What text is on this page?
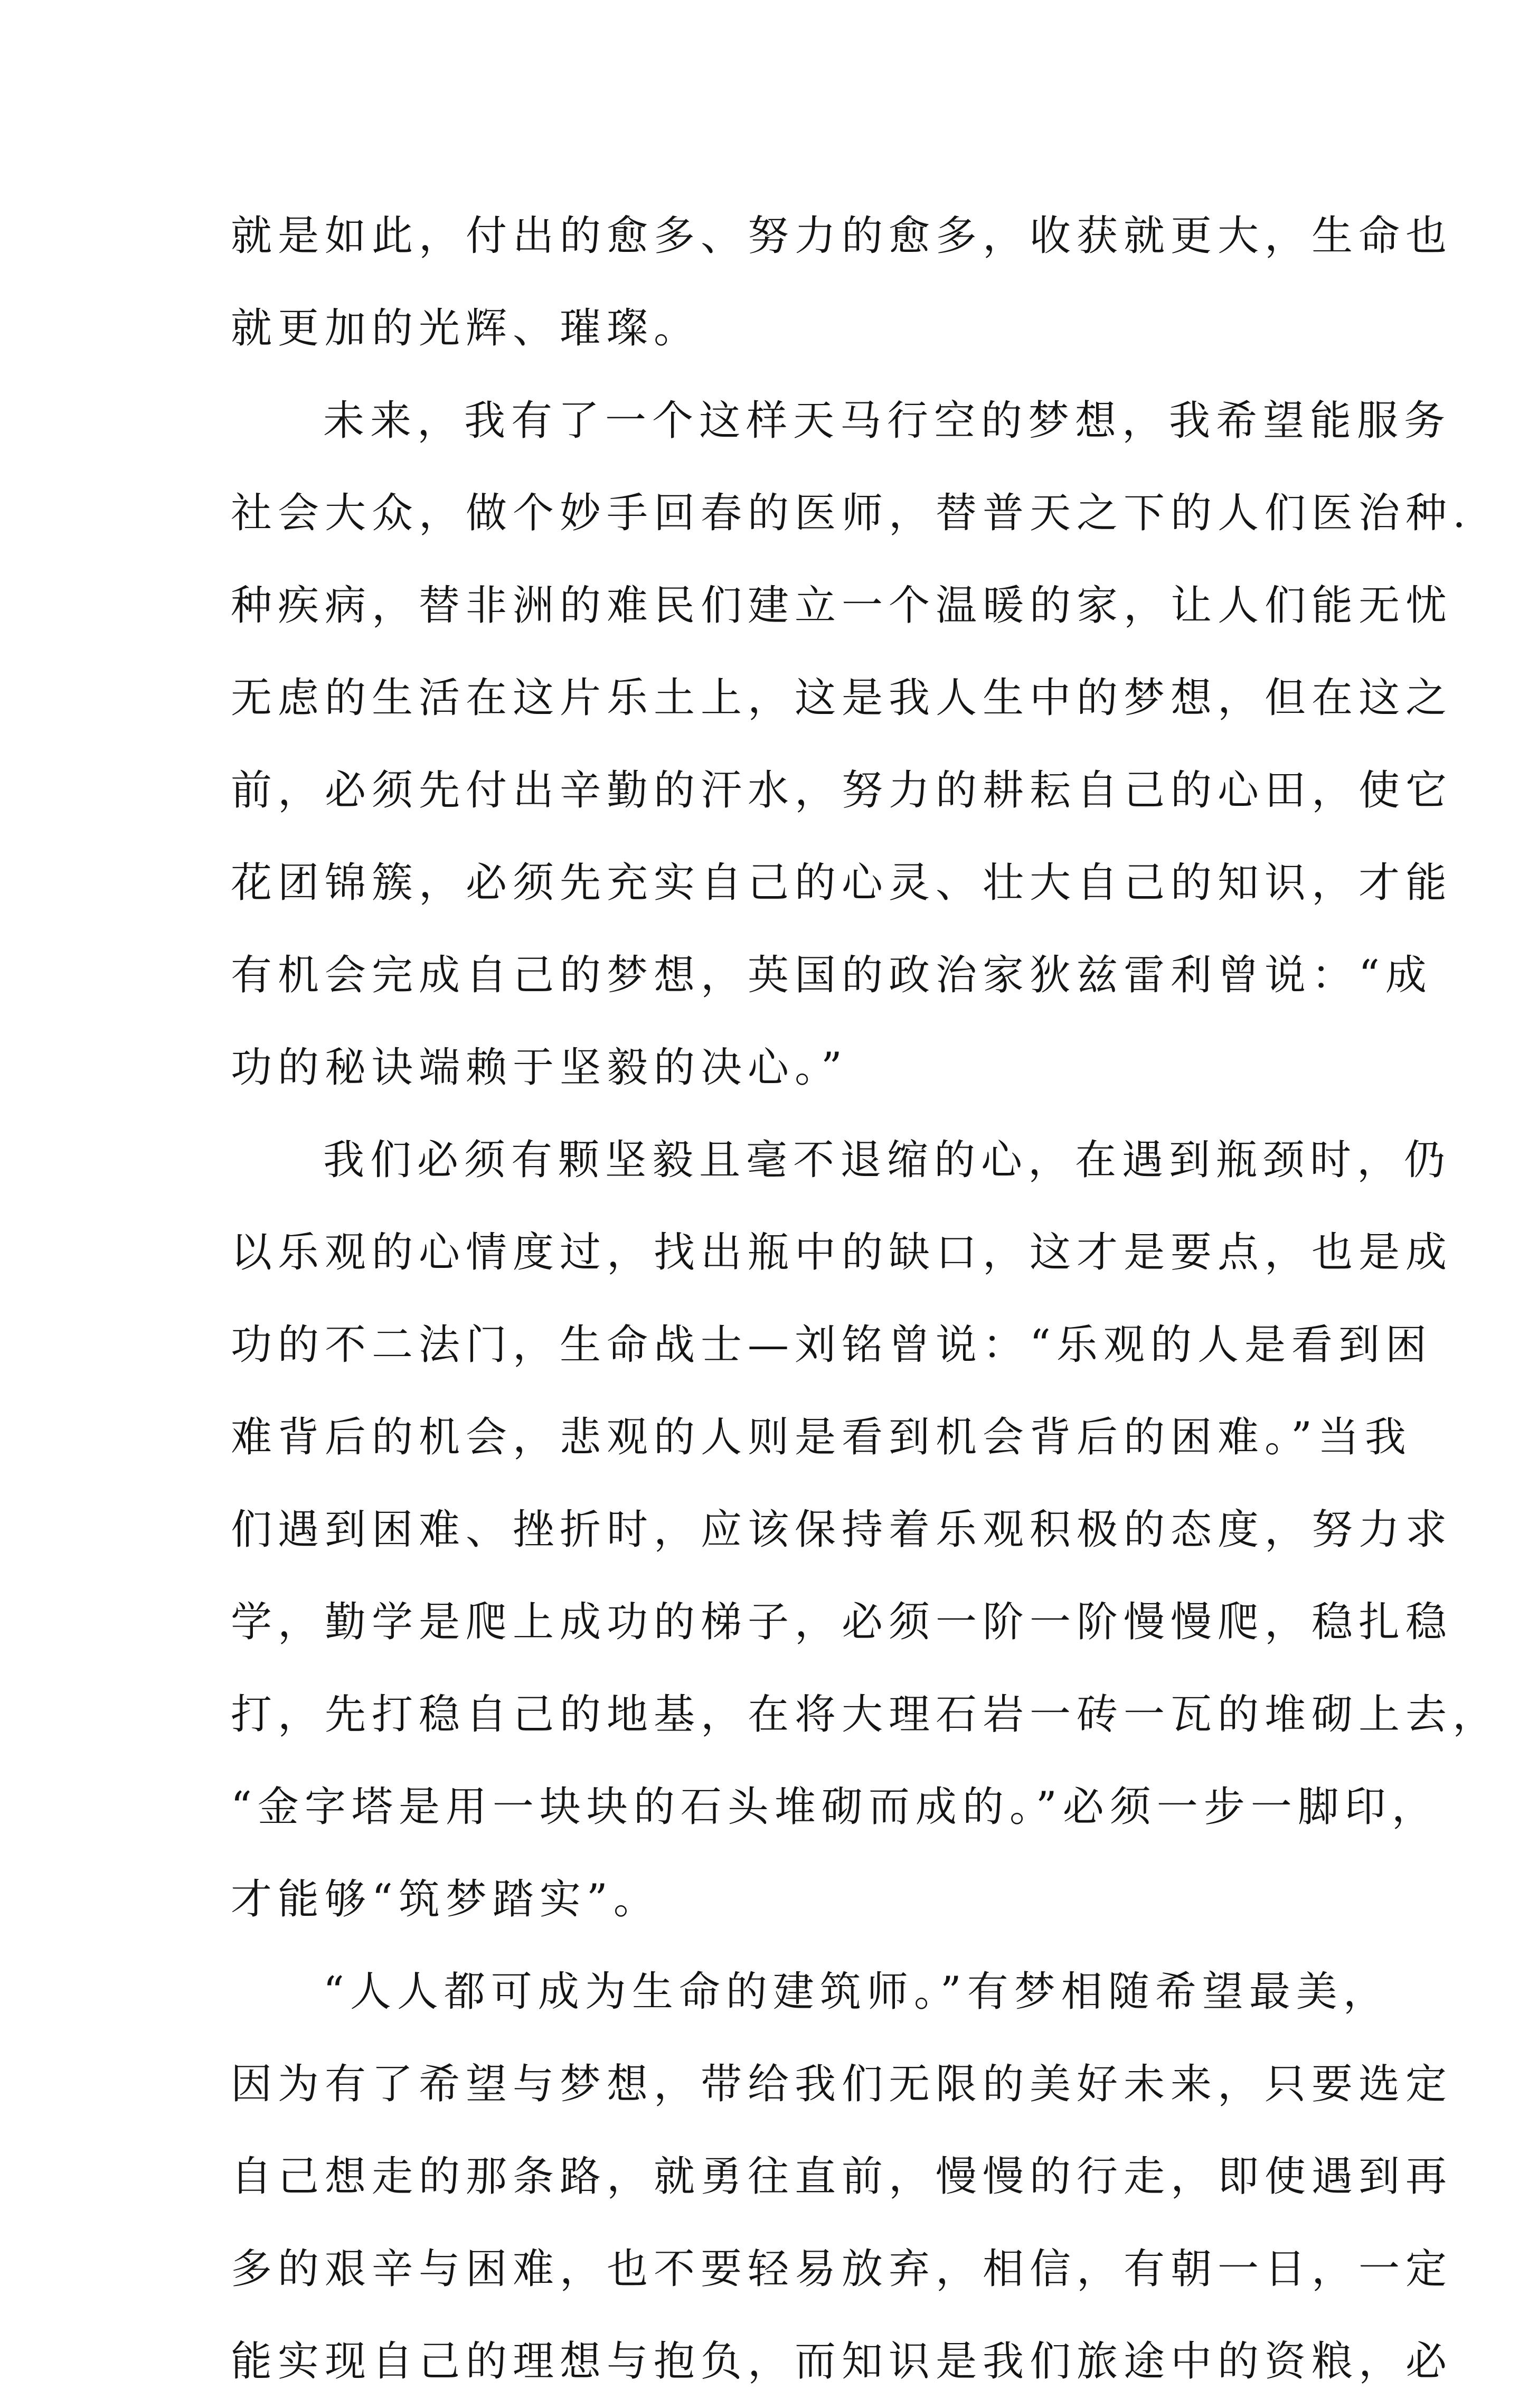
就是如此，付出的愈多、努力的愈多，收获就更大，生命也
就更加的光辉、璀璨。
未来，我有了一个这样天马行空的梦想，我希望能服务
社会大众，做个妙手回春的医师，替普天之下的人们医治种.
种疾病，替非洲的难民们建立一个温暖的家，让人们能无忧
无虑的生活在这片乐土上，这是我人生中的梦想，但在这之
前，必须先付出辛勤的汗水，努力的耕耘自己的心田，使它
花团锦簇，必须先充实自己的心灵、壮大自己的知识，才能
有机会完成自己的梦想，英国的政治家狄兹雷利曾说：“成
功的秘诀端赖于坚毅的决心。”
我们必须有颗坚毅且毫不退缩的心，在遇到瓶颈时，仍
以乐观的心情度过，找出瓶中的缺口，这才是要点，也是成
功的不二法门，生命战士—刘铭曾说：“乐观的人是看到困
难背后的机会，悲观的人则是看到机会背后的困难。”当我
们遇到困难、挫折时，应该保持着乐观积极的态度，努力求
学，勤学是爬上成功的梯子，必须一阶一阶慢慢爬，稳扎稳
打，先打稳自己的地基，在将大理石岩一砖一瓦的堆砌上去，
“金字塔是用一块块的石头堆砌而成的。”必须一步一脚印，
才能够“筑梦踏实”。
“人人都可成为生命的建筑师。”有梦相随希望最美，
因为有了希望与梦想，带给我们无限的美好未来，只要选定
自己想走的那条路，就勇往直前，慢慢的行走，即使遇到再
多的艰辛与困难，也不要轻易放弃，相信，有朝一日，一定
能实现自己的理想与抱负，而知识是我们旅途中的资粮，必
